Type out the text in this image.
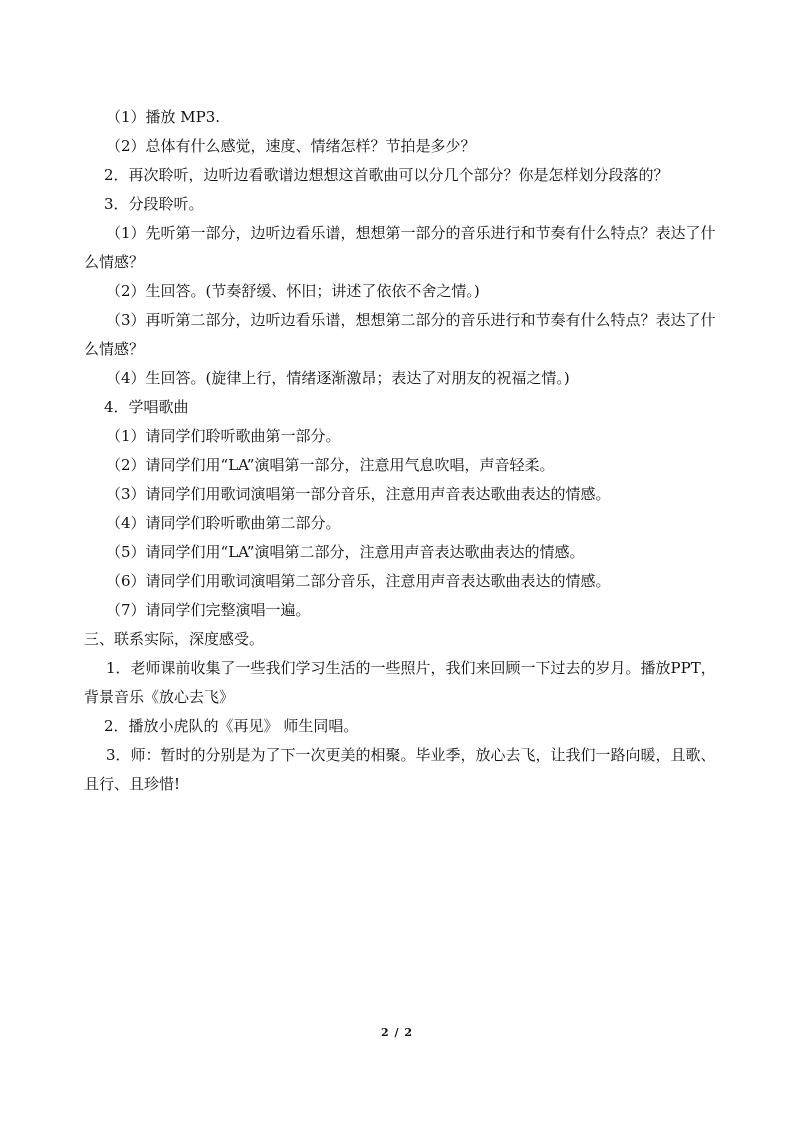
（1）播放 MP3.
（2）总体有什么感觉，速度、情绪怎样？节拍是多少？
2．再次聆听，边听边看歌谱边想想这首歌曲可以分几个部分？你是怎样划分段落的？
3．分段聆听。
（1）先听第一部分，边听边看乐谱，想想第一部分的音乐进行和节奏有什么特点？表达了什么情感？
（2）生回答。(节奏舒缓、怀旧；讲述了依依不舍之情。)
（3）再听第二部分，边听边看乐谱，想想第二部分的音乐进行和节奏有什么特点？表达了什么情感？
（4）生回答。(旋律上行，情绪逐渐激昂；表达了对朋友的祝福之情。)
4．学唱歌曲
（1）请同学们聆听歌曲第一部分。
（2）请同学们用“LA”演唱第一部分，注意用气息吹唱，声音轻柔。
（3）请同学们用歌词演唱第一部分音乐，注意用声音表达歌曲表达的情感。
（4）请同学们聆听歌曲第二部分。
（5）请同学们用“LA”演唱第二部分，注意用声音表达歌曲表达的情感。
（6）请同学们用歌词演唱第二部分音乐，注意用声音表达歌曲表达的情感。
（7）请同学们完整演唱一遍。
三、联系实际，深度感受。
1．老师课前收集了一些我们学习生活的一些照片，我们来回顾一下过去的岁月。播放PPT，背景音乐《放心去飞》
2．播放小虎队的《再见》 师生同唱。
3．师：暂时的分别是为了下一次更美的相聚。毕业季，放心去飞，让我们一路向暖，且歌、且行、且珍惜!
2 / 2
